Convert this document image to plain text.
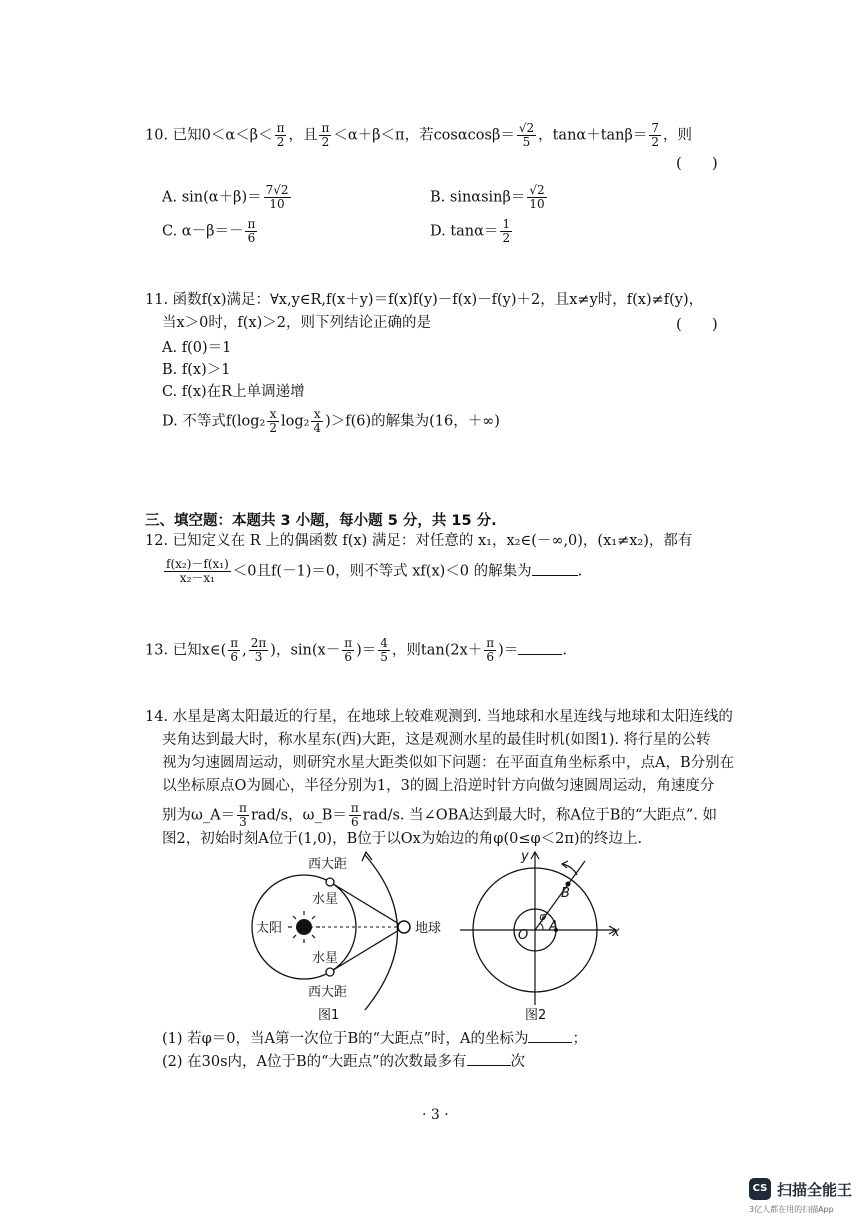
10. 已知$0<\alpha<\beta< \frac{\pi}{2}$ ，且 $\frac{\pi}{2} <\alpha+\beta<\pi$，若$\cos\alpha\cos\beta= \frac{√2}{5}$ ，$\tan\alpha+\tan\beta= \frac{7}{2}$ ，则
(　　)
A. $\sin(\alpha+\beta)= \frac{7√2}{10}$	B. $\sin\alpha\sin\beta= \frac{√2}{10}$
C. $\alpha-\beta=- \frac{\pi}{6}$	D. $\tan\alpha= \frac{1}{2}$
11. 函数f(x)满足：∀x,y∈R,f(x＋y)＝f(x)f(y)－f(x)－f(y)＋2，且x≠y时，f(x)≠f(y)，
当x＞0时，f(x)＞2，则下列结论正确的是	(　　)
A. f(0)＝1
B. f(x)＞1
C. f(x)在R上单调递增
D. 不等式$f(\log_2 \frac{x}{2} \log_2 \frac{x}{4} )>f(6)$的解集为(16，＋∞)
三、填空题：本题共 3 小题，每小题 5 分，共 15 分.
12. 已知定义在 R 上的偶函数 f(x) 满足：对任意的 x₁，x₂∈(－∞,0)，(x₁≠x₂)，都有
$\frac{\text{f(x₂)－f(x₁)}}{\text{x₂－x₁}} <0$且f(－1)＝0，则不等式 xf(x)＜0 的解集为	.
13. 已知x∈( $\frac{\pi}{6}$ , $\frac{2\pi}{3}$ )，$\sin(x- \frac{\pi}{6}$ )＝ $\frac{4}{5}$ ，则$\tan(2x+ \frac{\pi}{6}$ )＝	.
14. 水星是离太阳最近的行星，在地球上较难观测到. 当地球和水星连线与地球和太阳连线的
夹角达到最大时，称水星东(西)大距，这是观测水星的最佳时机(如图1). 将行星的公转
视为匀速圆周运动，则研究水星大距类似如下问题：在平面直角坐标系中，点A，B分别在
以坐标原点O为圆心，半径分别为1，3的圆上沿逆时针方向做匀速圆周运动，角速度分
别为ω_A＝ $\frac{\pi}{3} rad/s$，ω_B＝ $\frac{\pi}{6} rad/s$. 当∠OBA达到最大时，称A位于B的“大距点”. 如
图2，初始时刻A位于(1,0)，B位于以Ox为始边的角φ(0≤φ＜2π)的终边上.
西大距
水星
太阳	地球
水星
西大距
图1
y
B
φ
O
A	x
图2
(1) 若φ＝0，当A第一次位于B的“大距点”时，A的坐标为	；
(2) 在30s内，A位于B的“大距点”的次数最多有	次
· 3 ·
CS 扫描全能王
3亿人都在用的扫描App
